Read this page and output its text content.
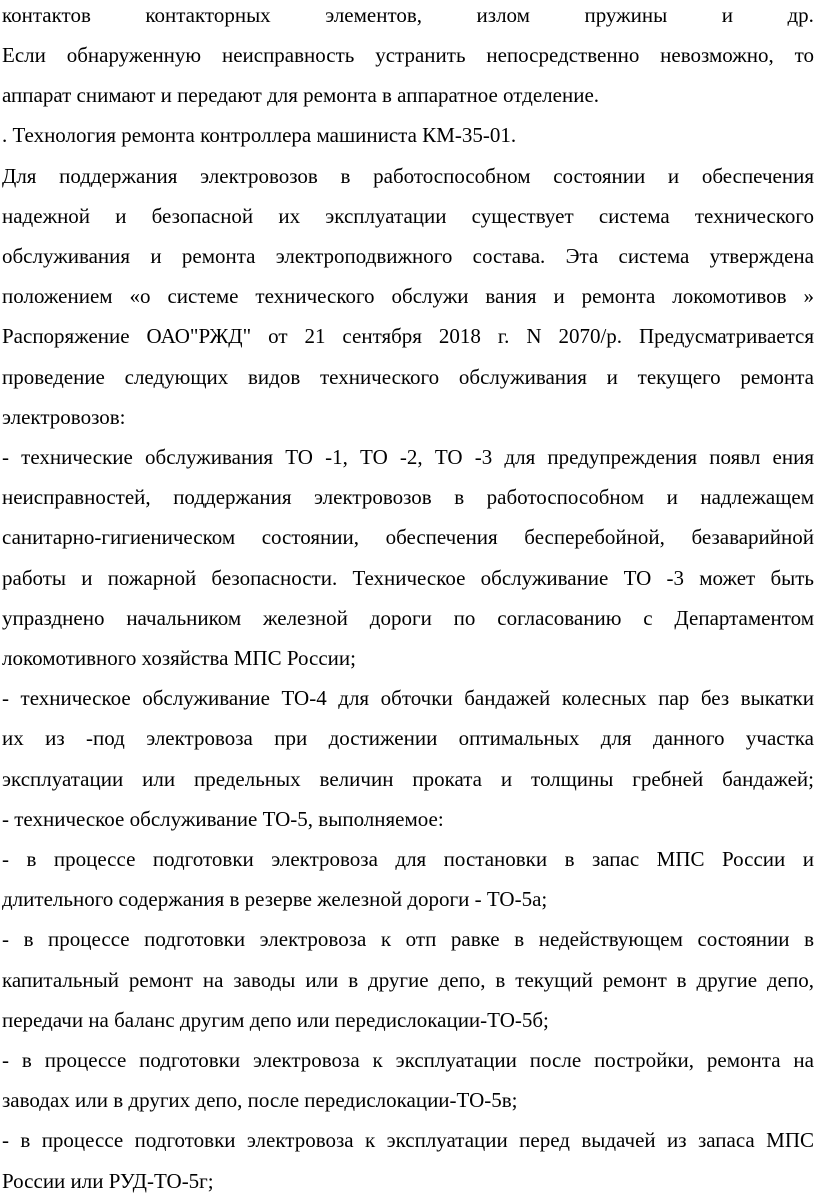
контактов	контакторных	элементов,	излом	пружины	и	др.
Если обнаруженную неисправность устранить непосредственно невозможно, то
аппарат снимают и передают для ремонта в аппаратное отделение.
. Технология ремонта контроллера машиниста КМ-35-01.
Для поддержания электровозов в работоспособном состоянии и обеспечения
надежной и безопасной их эксплуатации существует система технического
обслуживания и ремонта электроподвижного состава. Эта система утверждена
положением «о системе технического обслужи вания и ремонта локомотивов »
Распоряжение ОАО"РЖД" от 21 сентября 2018 г. N 2070/р. Предусматривается
проведение следующих видов технического обслуживания и текущего ремонта
электровозов:
- технические обслуживания ТО -1, ТО -2, ТО -3 для предупреждения появл ения
неисправностей, поддержания электровозов в работоспособном и надлежащем
санитарно-гигиеническом состоянии, обеспечения бесперебойной, безаварийной
работы и пожарной безопасности. Техническое обслуживание ТО -3 может быть
упразднено начальником железной дороги по согласованию с Департаментом
локомотивного хозяйства МПС России;
- техническое обслуживание ТО-4 для обточки бандажей колесных пар без выкатки
их из -под электровоза при достижении оптимальных для данного участка
эксплуатации или предельных величин проката и толщины гребней бандажей;
- техническое обслуживание ТО-5, выполняемое:
- в процессе подготовки электровоза для постановки в запас МПС России и
длительного содержания в резерве железной дороги - ТО-5а;
- в процессе подготовки электровоза к отп равке в недействующем состоянии в
капитальный ремонт на заводы или в другие депо, в текущий ремонт в другие депо,
передачи на баланс другим депо или передислокации-ТО-5б;
- в процессе подготовки электровоза к эксплуатации после постройки, ремонта на
заводах или в других депо, после передислокации-ТО-5в;
- в процессе подготовки электровоза к эксплуатации перед выдачей из запаса МПС
России или РУД-ТО-5г;
